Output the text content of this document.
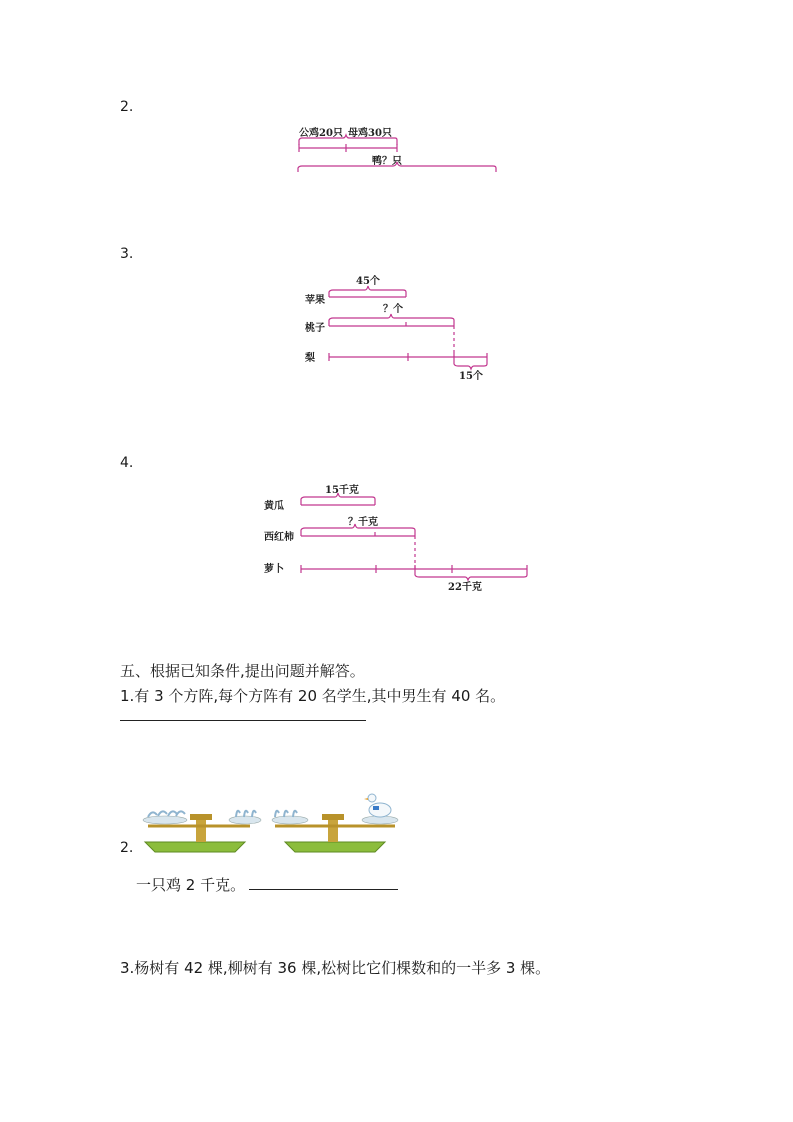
2.
公鸡20只 母鸡30只
鸭？只
3.
45个
苹果
？个
桃子
梨
15个
4.
15千克
黄瓜
？千克
西红柿
萝卜
22千克
五、根据已知条件,提出问题并解答。
1.有 3 个方阵,每个方阵有 20 名学生,其中男生有 40 名。
2.
一只鸡 2 千克。
3.杨树有 42 棵,柳树有 36 棵,松树比它们棵数和的一半多 3 棵。
